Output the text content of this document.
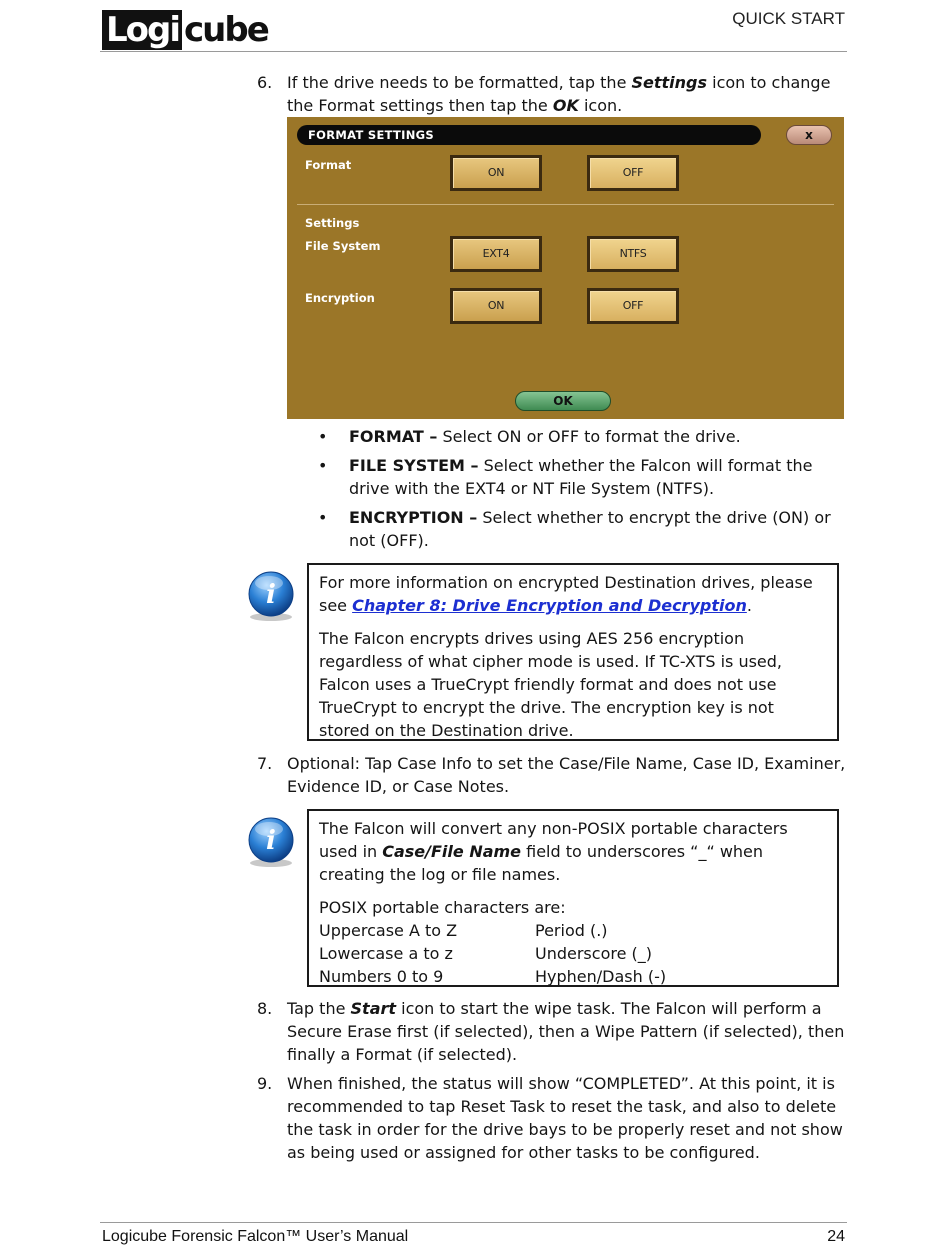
Logi cube	QUICK START
6. If the drive needs to be formatted, tap the Settings icon to change the Format settings then tap the OK icon.
FORMAT SETTINGS	x
Format
ON	OFF
Settings
File System
EXT4	NTFS
Encryption
ON	OFF
OK
• FORMAT – Select ON or OFF to format the drive.
• FILE SYSTEM – Select whether the Falcon will format the drive with the EXT4 or NT File System (NTFS).
• ENCRYPTION – Select whether to encrypt the drive (ON) or not (OFF).
i	For more information on encrypted Destination drives, please see Chapter 8: Drive Encryption and Decryption.

The Falcon encrypts drives using AES 256 encryption regardless of what cipher mode is used. If TC-XTS is used, Falcon uses a TrueCrypt friendly format and does not use TrueCrypt to encrypt the drive. The encryption key is not stored on the Destination drive.

7. Optional: Tap Case Info to set the Case/File Name, Case ID, Examiner, Evidence ID, or Case Notes.
i	The Falcon will convert any non-POSIX portable characters used in Case/File Name field to underscores “_“ when creating the log or file names.

POSIX portable characters are:
Uppercase A to Z	Period (.)
Lowercase a to z	Underscore (_)
Numbers 0 to 9	Hyphen/Dash (-)

8. Tap the Start icon to start the wipe task. The Falcon will perform a Secure Erase first (if selected), then a Wipe Pattern (if selected), then finally a Format (if selected).
9. When finished, the status will show “COMPLETED”. At this point, it is recommended to tap Reset Task to reset the task, and also to delete the task in order for the drive bays to be properly reset and not show as being used or assigned for other tasks to be configured.
Logicube Forensic Falcon™ User’s Manual	24
